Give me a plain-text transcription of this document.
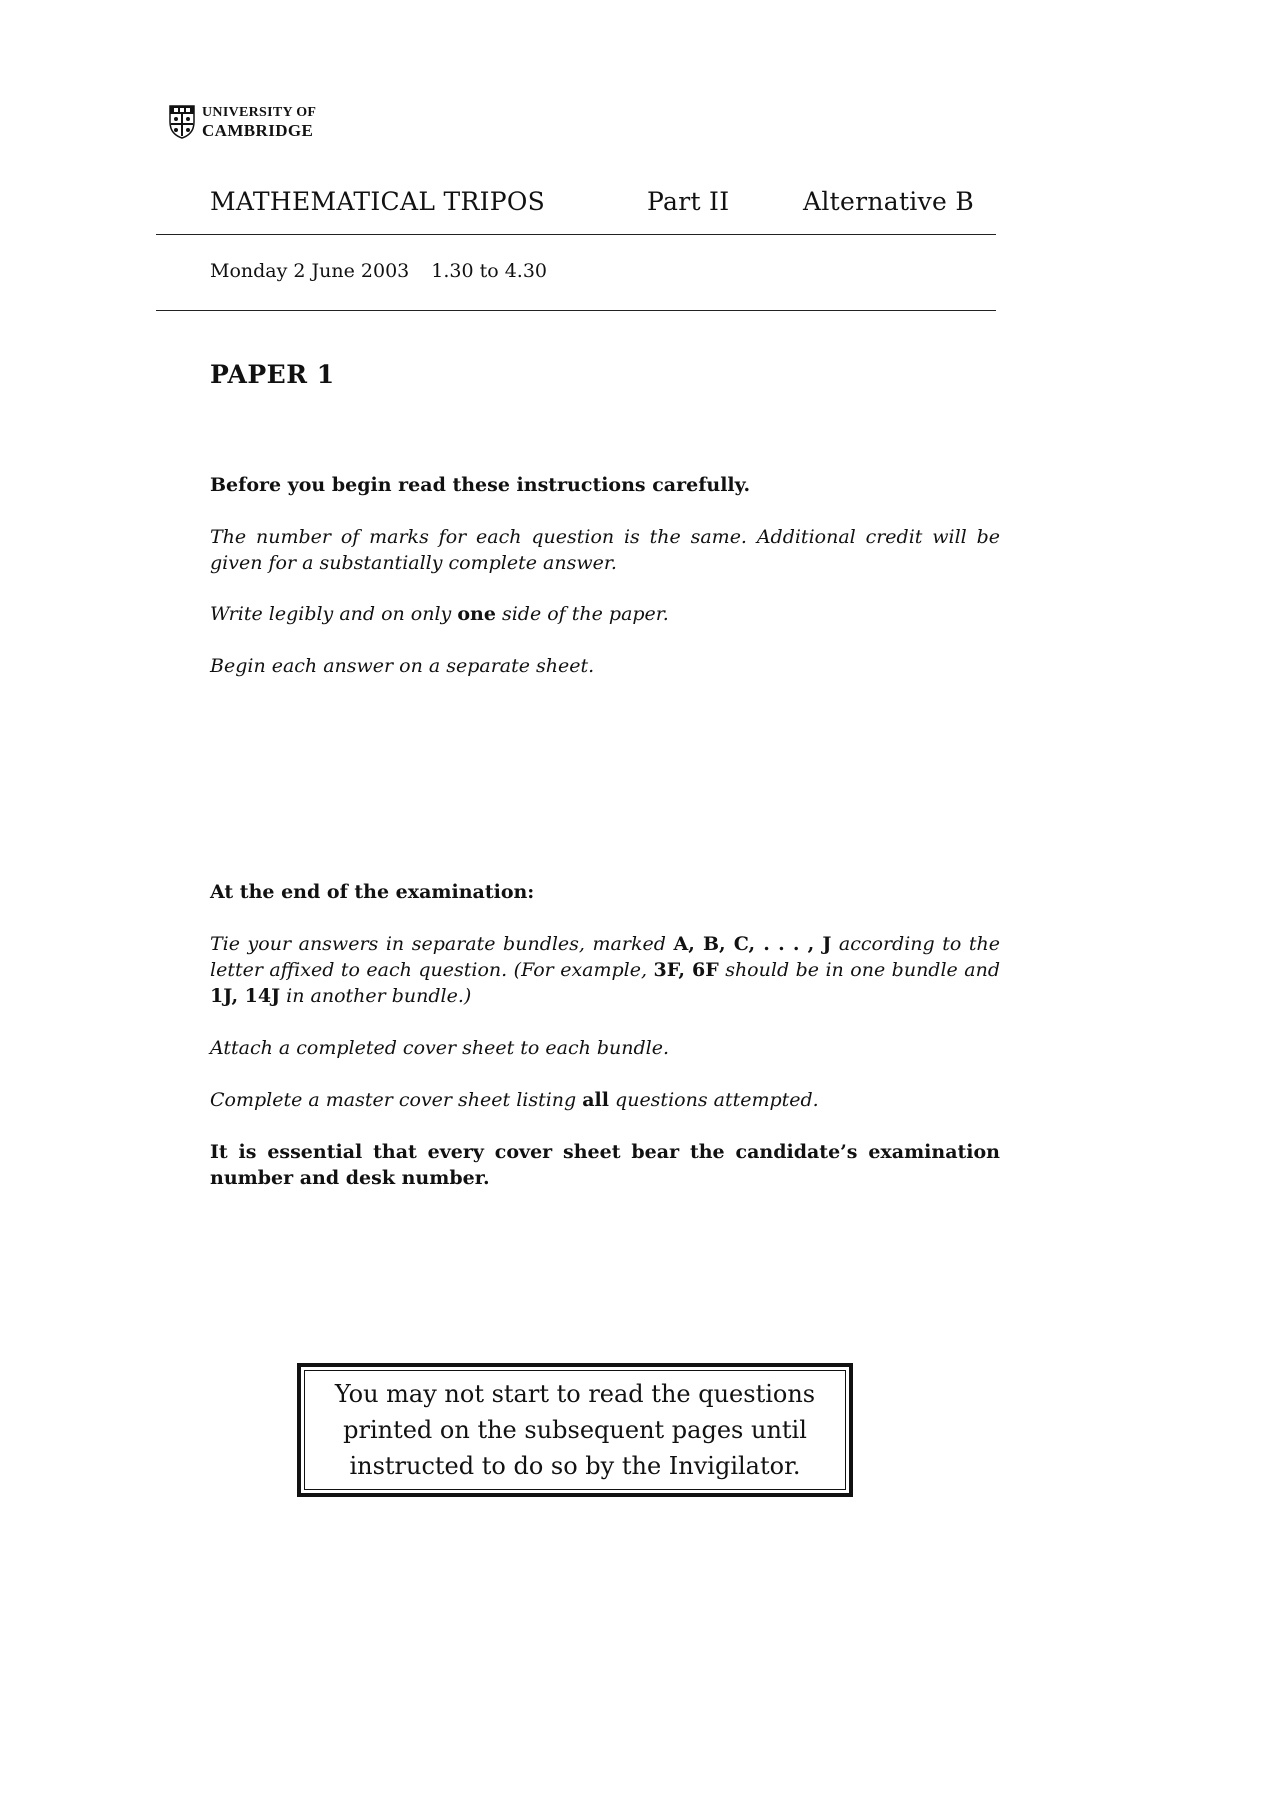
UNIVERSITY OF
CAMBRIDGE
MATHEMATICAL TRIPOS	Part II	Alternative B
Monday 2 June 2003 1.30 to 4.30
PAPER 1
Before you begin read these instructions carefully.
The number of marks for each question is the same. Additional credit will be given for a substantially complete answer.
Write legibly and on only one side of the paper.
Begin each answer on a separate sheet.
At the end of the examination:
Tie your answers in separate bundles, marked A, B, C, . . . , J according to the letter affixed to each question. (For example, 3F, 6F should be in one bundle and 1J, 14J in another bundle.)
Attach a completed cover sheet to each bundle.
Complete a master cover sheet listing all questions attempted.
It is essential that every cover sheet bear the candidate’s examination number and desk number.
You may not start to read the questions
printed on the subsequent pages until
instructed to do so by the Invigilator.
